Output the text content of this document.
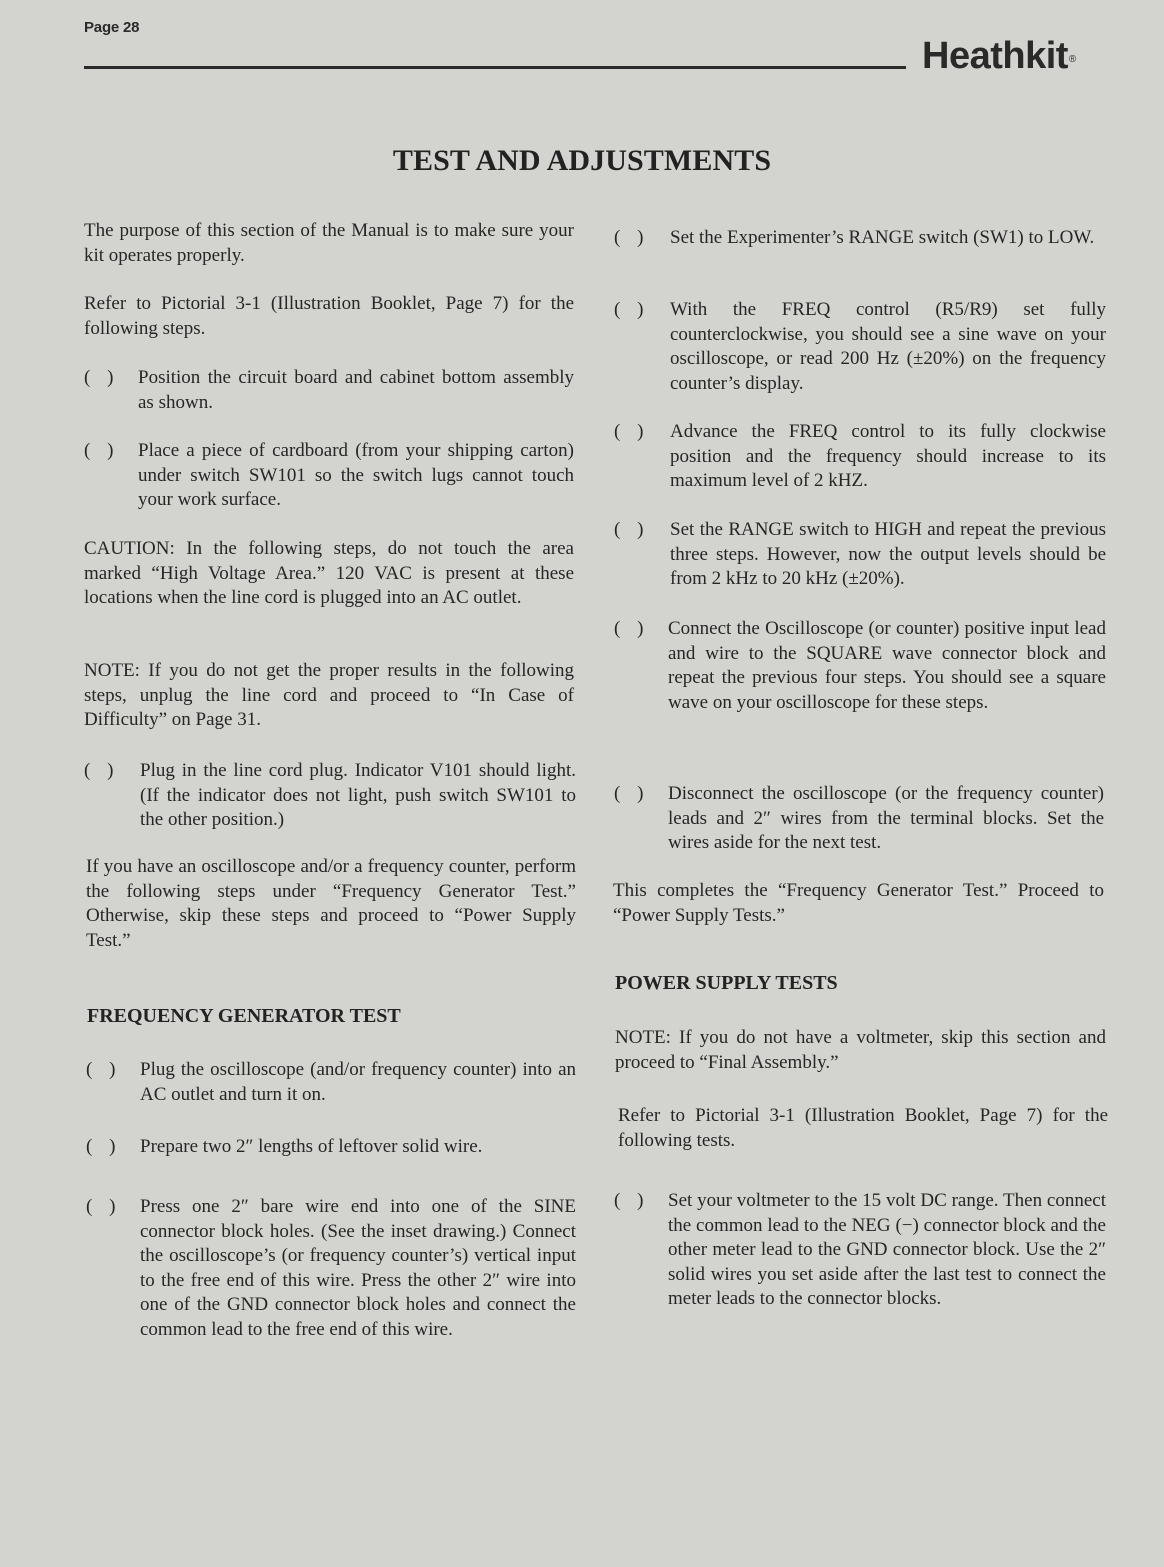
Page 28
Heathkit®
TEST AND ADJUSTMENTS
The purpose of this section of the Manual is to make sure your kit operates properly.
Refer to Pictorial 3-1 (Illustration Booklet, Page 7) for the following steps.
( ) Position the circuit board and cabinet bottom assembly as shown.
( ) Place a piece of cardboard (from your shipping carton) under switch SW101 so the switch lugs cannot touch your work surface.
CAUTION: In the following steps, do not touch the area marked “High Voltage Area.” 120 VAC is present at these locations when the line cord is plugged into an AC outlet.
NOTE: If you do not get the proper results in the following steps, unplug the line cord and proceed to “In Case of Difficulty” on Page 31.
( ) Plug in the line cord plug. Indicator V101 should light. (If the indicator does not light, push switch SW101 to the other position.)
If you have an oscilloscope and/or a frequency counter, perform the following steps under “Frequency Generator Test.” Otherwise, skip these steps and proceed to “Power Supply Test.”
FREQUENCY GENERATOR TEST
( ) Plug the oscilloscope (and/or frequency counter) into an AC outlet and turn it on.
( ) Prepare two 2″ lengths of leftover solid wire.
( ) Press one 2″ bare wire end into one of the SINE connector block holes. (See the inset drawing.) Connect the oscilloscope’s (or frequency counter’s) vertical input to the free end of this wire. Press the other 2″ wire into one of the GND connector block holes and connect the common lead to the free end of this wire.
( ) Set the Experimenter’s RANGE switch (SW1) to LOW.
( ) With the FREQ control (R5/R9) set fully counterclockwise, you should see a sine wave on your oscilloscope, or read 200 Hz (±20%) on the frequency counter’s display.
( ) Advance the FREQ control to its fully clockwise position and the frequency should increase to its maximum level of 2 kHZ.
( ) Set the RANGE switch to HIGH and repeat the previous three steps. However, now the output levels should be from 2 kHz to 20 kHz (±20%).
( ) Connect the Oscilloscope (or counter) positive input lead and wire to the SQUARE wave connector block and repeat the previous four steps. You should see a square wave on your oscilloscope for these steps.
( ) Disconnect the oscilloscope (or the frequency counter) leads and 2″ wires from the terminal blocks. Set the wires aside for the next test.
This completes the “Frequency Generator Test.” Proceed to “Power Supply Tests.”
POWER SUPPLY TESTS
NOTE: If you do not have a voltmeter, skip this section and proceed to “Final Assembly.”
Refer to Pictorial 3-1 (Illustration Booklet, Page 7) for the following tests.
( ) Set your voltmeter to the 15 volt DC range. Then connect the common lead to the NEG (−) connector block and the other meter lead to the GND connector block. Use the 2″ solid wires you set aside after the last test to connect the meter leads to the connector blocks.
